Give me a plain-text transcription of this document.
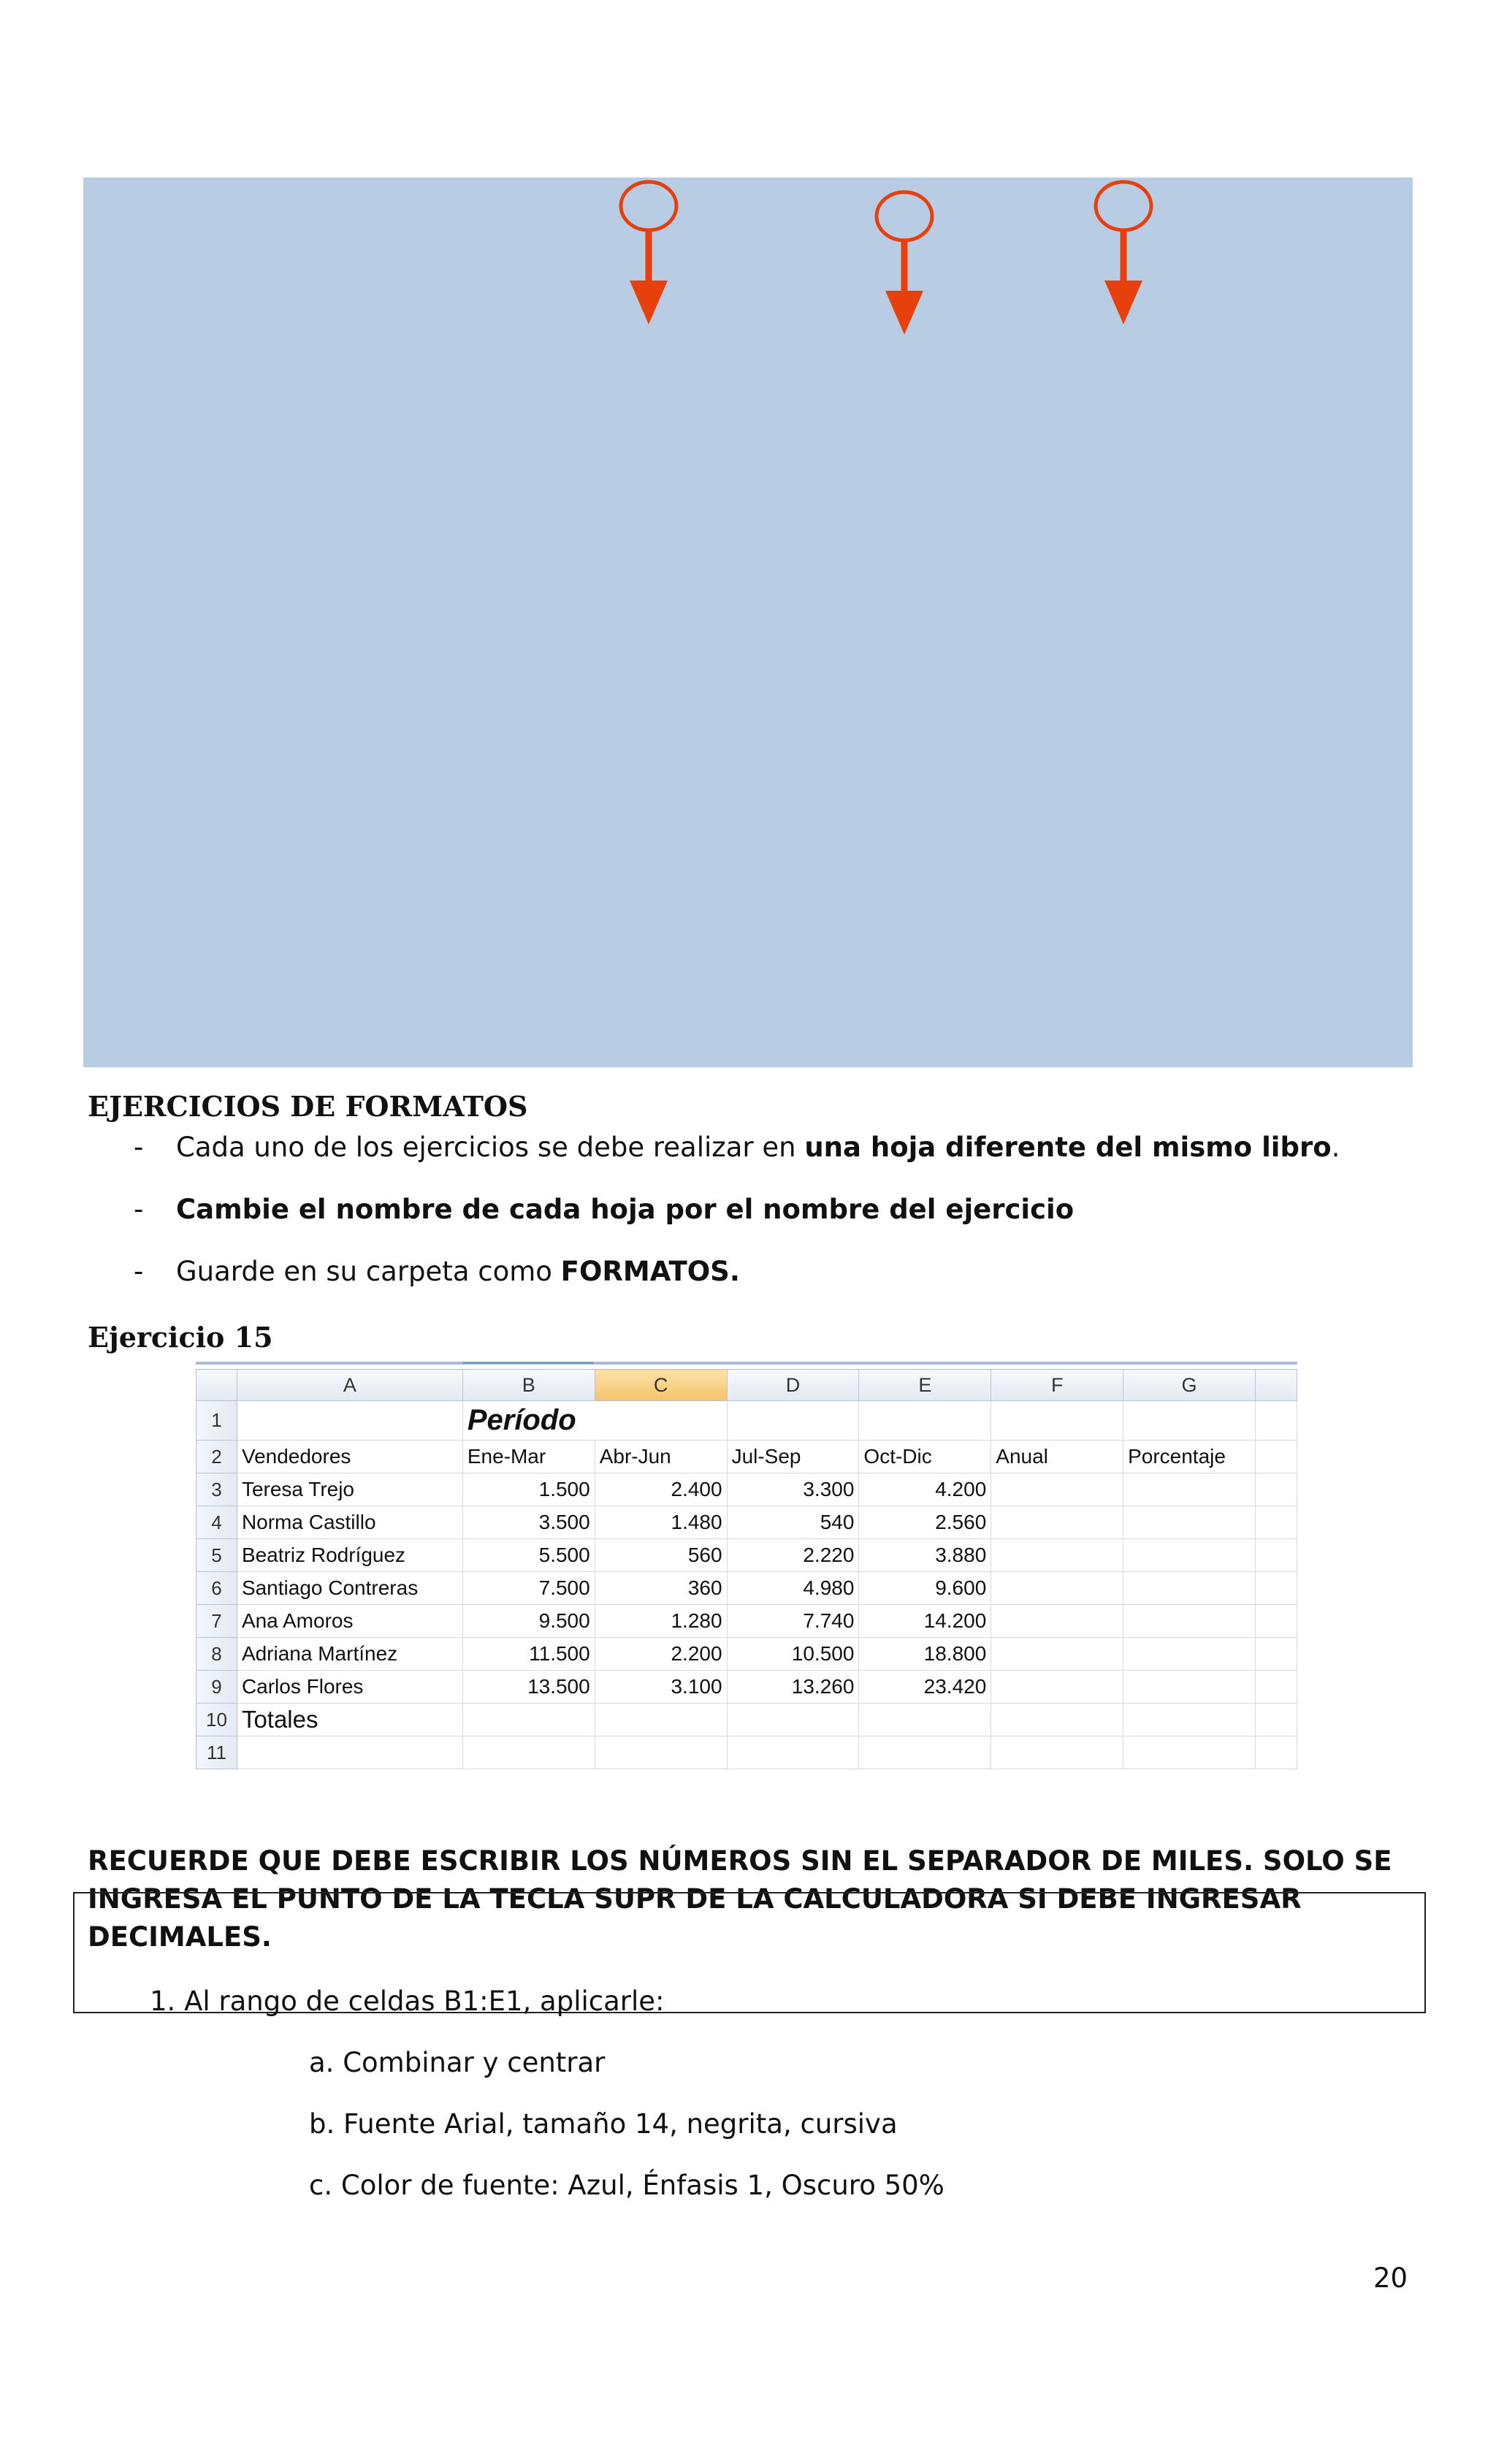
EJERCICIOS DE FORMATOS
- Cada uno de los ejercicios se debe realizar en una hoja diferente del mismo libro.
- Cambie el nombre de cada hoja por el nombre del ejercicio
- Guarde en su carpeta como FORMATOS.
Ejercicio 15
	A	B	C	D	E	F	G	
1		Período						
2	Vendedores	Ene-Mar	Abr-Jun	Jul-Sep	Oct-Dic	Anual	Porcentaje	
3	Teresa Trejo	1.500	2.400	3.300	4.200			
4	Norma Castillo	3.500	1.480	540	2.560			
5	Beatriz Rodríguez	5.500	560	2.220	3.880			
6	Santiago Contreras	7.500	360	4.980	9.600			
7	Ana Amoros	9.500	1.280	7.740	14.200			
8	Adriana Martínez	11.500	2.200	10.500	18.800			
9	Carlos Flores	13.500	3.100	13.260	23.420			
10	Totales							
11								
RECUERDE QUE DEBE ESCRIBIR LOS NÚMEROS SIN EL SEPARADOR DE MILES. SOLO SE INGRESA EL PUNTO DE LA TECLA SUPR DE LA CALCULADORA SI DEBE INGRESAR DECIMALES.
1. Al rango de celdas B1:E1, aplicarle:
a. Combinar y centrar
b. Fuente Arial, tamaño 14, negrita, cursiva
c. Color de fuente: Azul, Énfasis 1, Oscuro 50%
20
